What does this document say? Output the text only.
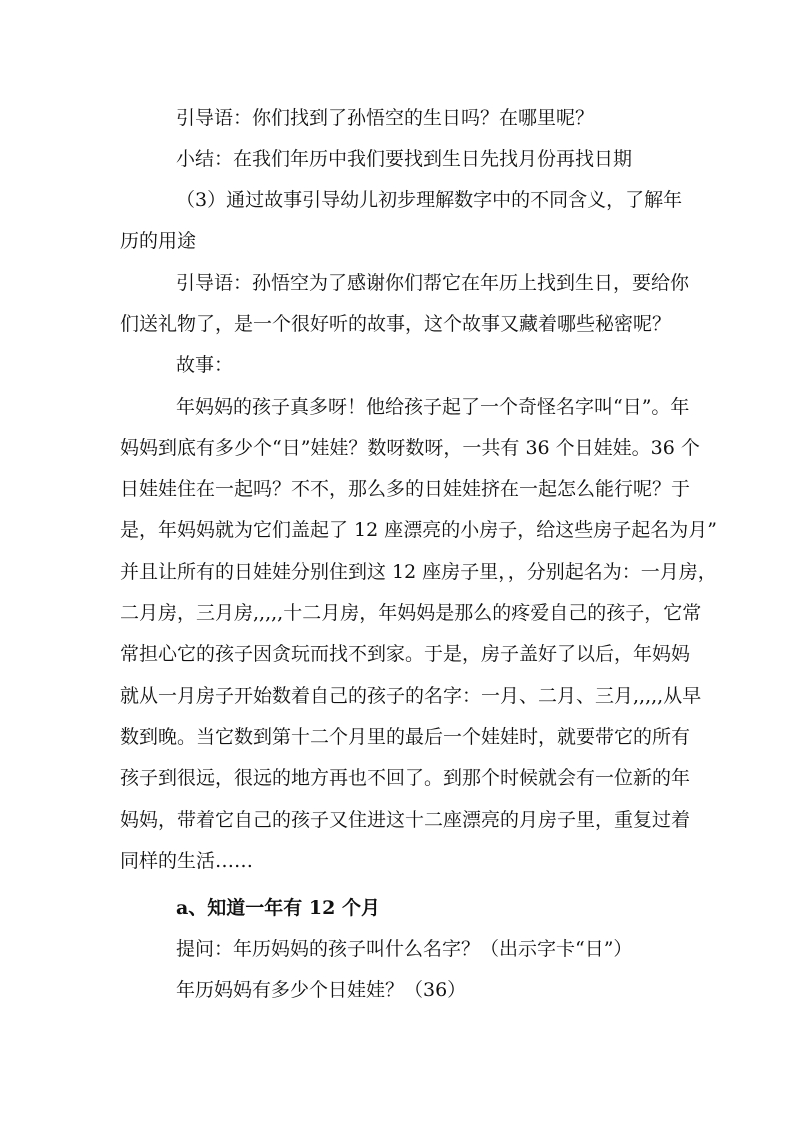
引导语：你们找到了孙悟空的生日吗？在哪里呢？
小结：在我们年历中我们要找到生日先找月份再找日期
（3）通过故事引导幼儿初步理解数字中的不同含义，了解年
历的用途
引导语：孙悟空为了感谢你们帮它在年历上找到生日，要给你
们送礼物了，是一个很好听的故事，这个故事又藏着哪些秘密呢？
故事：
年妈妈的孩子真多呀！他给孩子起了一个奇怪名字叫“日”。年
妈妈到底有多少个“日”娃娃？数呀数呀，一共有 36 个日娃娃。36 个
日娃娃住在一起吗？不不，那么多的日娃娃挤在一起怎么能行呢？于
是，年妈妈就为它们盖起了 12 座漂亮的小房子，给这些房子起名为月”
并且让所有的日娃娃分别住到这 12 座房子里，，分别起名为：一月房，
二月房，三月房,,,,,十二月房，年妈妈是那么的疼爱自己的孩子，它常
常担心它的孩子因贪玩而找不到家。于是，房子盖好了以后，年妈妈
就从一月房子开始数着自己的孩子的名字：一月、二月、三月,,,,,从早
数到晚。当它数到第十二个月里的最后一个娃娃时，就要带它的所有
孩子到很远，很远的地方再也不回了。到那个时候就会有一位新的年
妈妈，带着它自己的孩子又住进这十二座漂亮的月房子里，重复过着
同样的生活……
a、知道一年有 12 个月
提问：年历妈妈的孩子叫什么名字？（出示字卡“日”）
年历妈妈有多少个日娃娃？（36）
